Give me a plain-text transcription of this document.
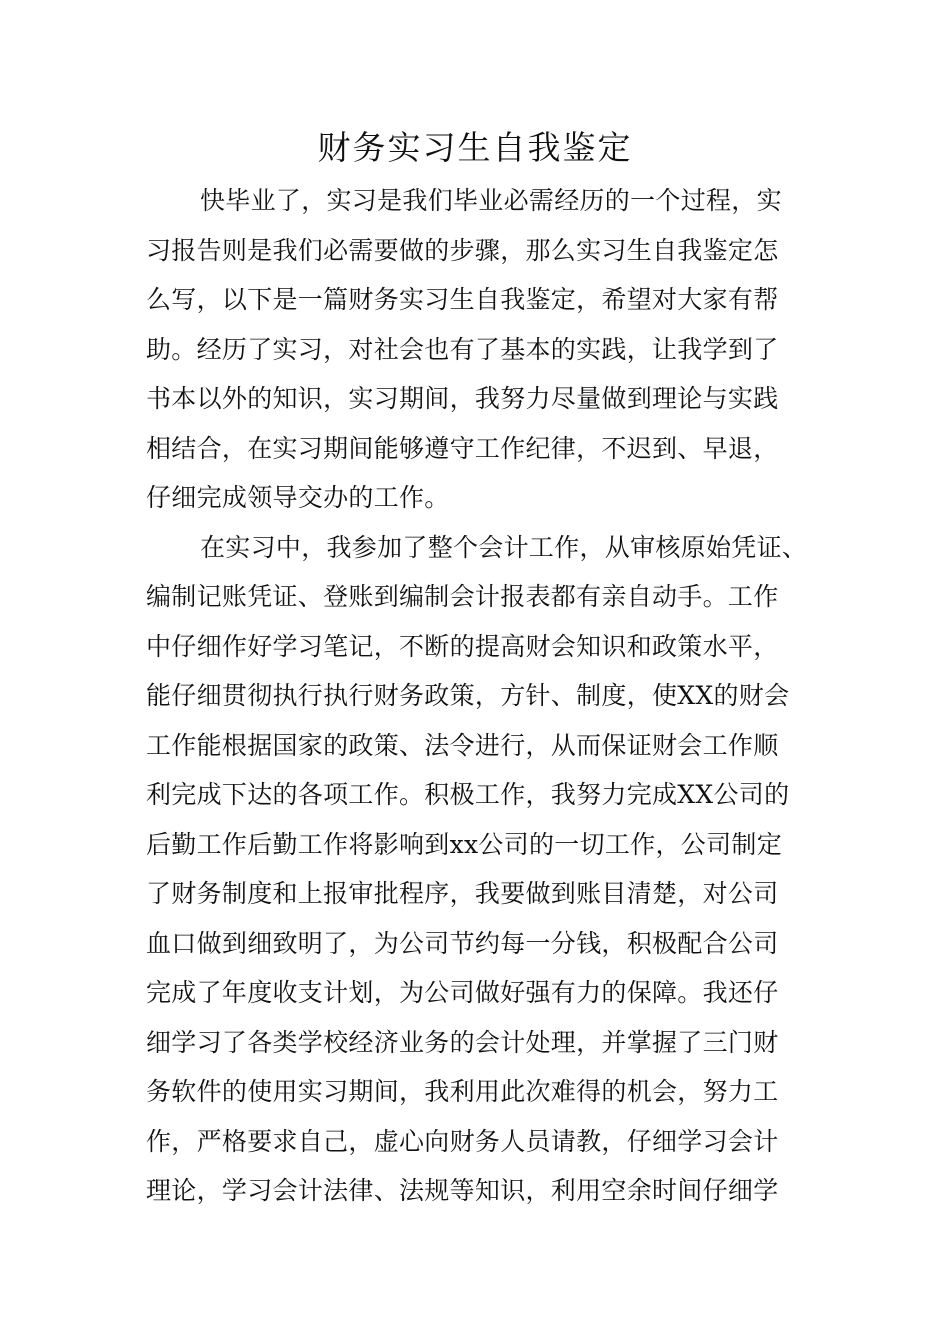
财务实习生自我鉴定
快毕业了，实习是我们毕业必需经历的一个过程，实
习报告则是我们必需要做的步骤，那么实习生自我鉴定怎
么写，以下是一篇财务实习生自我鉴定，希望对大家有帮
助。经历了实习，对社会也有了基本的实践，让我学到了
书本以外的知识，实习期间，我努力尽量做到理论与实践
相结合，在实习期间能够遵守工作纪律，不迟到、早退，
仔细完成领导交办的工作。
在实习中，我参加了整个会计工作，从审核原始凭证、
编制记账凭证、登账到编制会计报表都有亲自动手。工作
中仔细作好学习笔记，不断的提高财会知识和政策水平，
能仔细贯彻执行执行财务政策，方针、制度，使XX的财会
工作能根据国家的政策、法令进行，从而保证财会工作顺
利完成下达的各项工作。积极工作，我努力完成XX公司的
后勤工作后勤工作将影响到xx公司的一切工作，公司制定
了财务制度和上报审批程序，我要做到账目清楚，对公司
血口做到细致明了，为公司节约每一分钱，积极配合公司
完成了年度收支计划，为公司做好强有力的保障。我还仔
细学习了各类学校经济业务的会计处理，并掌握了三门财
务软件的使用实习期间，我利用此次难得的机会，努力工
作，严格要求自己，虚心向财务人员请教，仔细学习会计
理论，学习会计法律、法规等知识，利用空余时间仔细学
